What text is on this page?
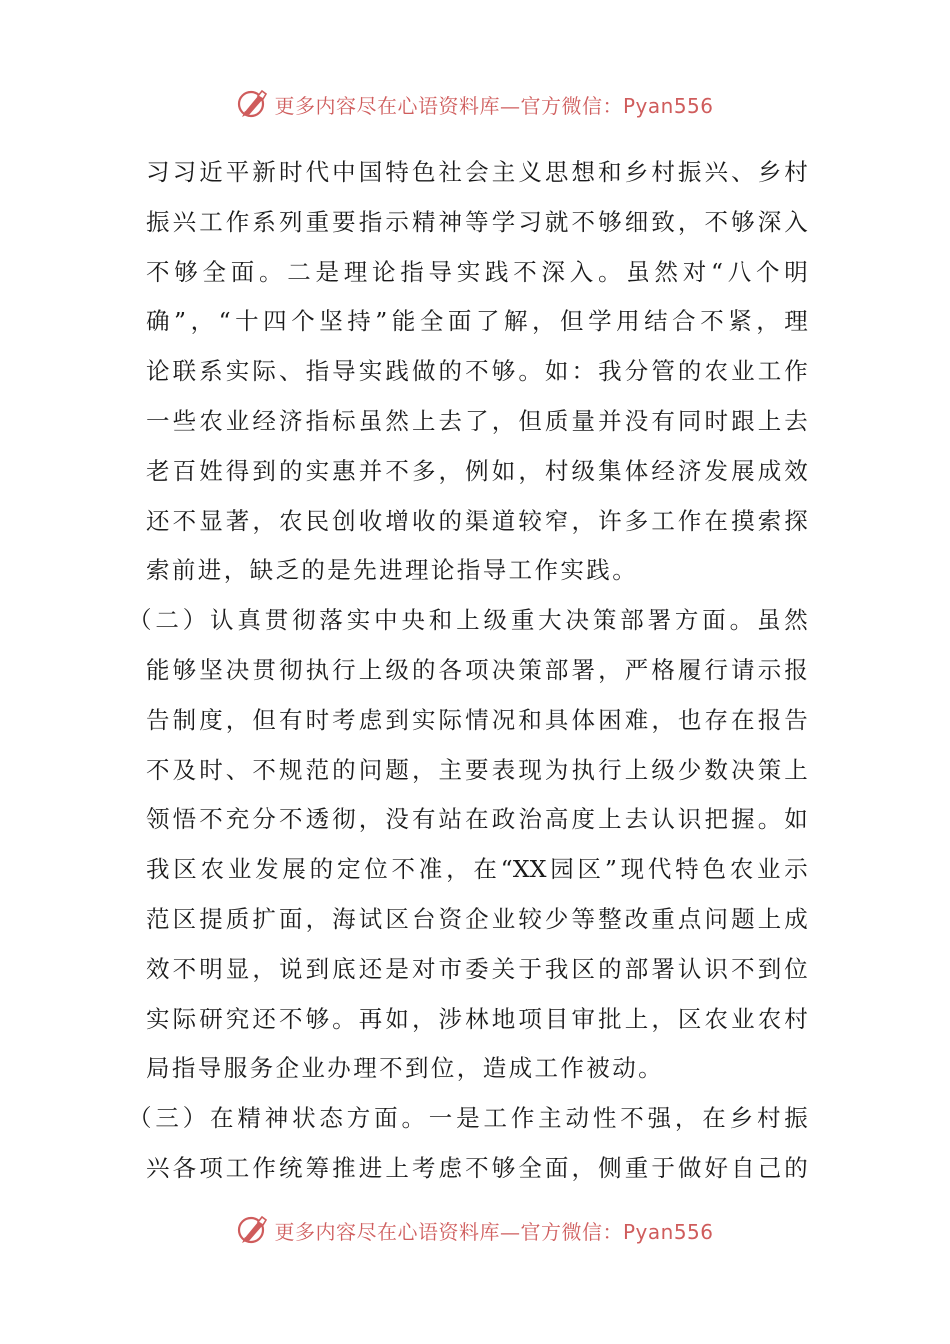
更多内容尽在心语资料库—官方微信：Pyan556
习习近平新时代中国特色社会主义思想和乡村振兴、乡村
振兴工作系列重要指示精神等学习就不够细致，不够深入
不够全面。二是理论指导实践不深入。虽然对“八个明
确”，“十四个坚持”能全面了解，但学用结合不紧，理
论联系实际、指导实践做的不够。如：我分管的农业工作
一些农业经济指标虽然上去了，但质量并没有同时跟上去
老百姓得到的实惠并不多，例如，村级集体经济发展成效
还不显著，农民创收增收的渠道较窄，许多工作在摸索探
索前进，缺乏的是先进理论指导工作实践。
（二）认真贯彻落实中央和上级重大决策部署方面。虽然
能够坚决贯彻执行上级的各项决策部署，严格履行请示报
告制度，但有时考虑到实际情况和具体困难，也存在报告
不及时、不规范的问题，主要表现为执行上级少数决策上
领悟不充分不透彻，没有站在政治高度上去认识把握。如
我区农业发展的定位不准，在“XX园区”现代特色农业示
范区提质扩面，海试区台资企业较少等整改重点问题上成
效不明显，说到底还是对市委关于我区的部署认识不到位
实际研究还不够。再如，涉林地项目审批上，区农业农村
局指导服务企业办理不到位，造成工作被动。
（三）在精神状态方面。一是工作主动性不强，在乡村振
兴各项工作统筹推进上考虑不够全面，侧重于做好自己的
更多内容尽在心语资料库—官方微信：Pyan556
